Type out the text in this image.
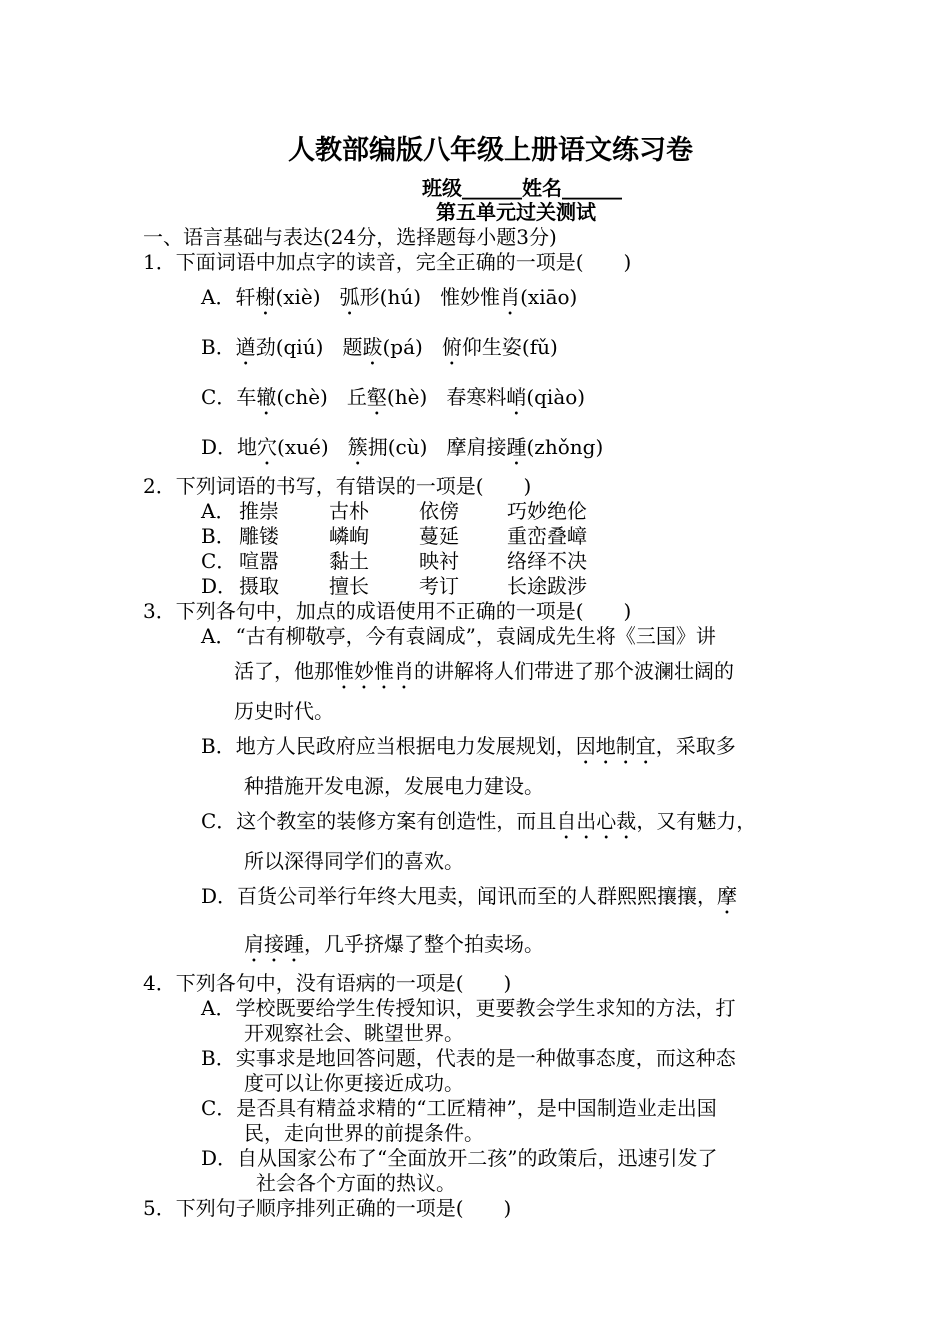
人教部编版八年级上册语文练习卷
班级______姓名______
第五单元过关测试
一、语言基础与表达(24分，选择题每小题3分)
1．下面词语中加点字的读音，完全正确的一项是(　　)
A．轩榭(xiè) 弧形(hú) 惟妙惟肖(xiāo)
B．遒劲(qiú) 题跋(pá) 俯仰生姿(fǔ)
C．车辙(chè) 丘壑(hè) 春寒料峭(qiào)
D．地穴(xué) 簇拥(cù) 摩肩接踵(zhǒng)
2．下列词语的书写，有错误的一项是(　　)
A． 推崇	古朴	依傍	巧妙绝伦
B． 雕镂	嶙峋	蔓延	重峦叠嶂
C． 喧嚣	黏土	映衬	络绎不决
D． 摄取	擅长	考订	长途跋涉
3．下列各句中，加点的成语使用不正确的一项是(　　)
A．“古有柳敬亭，今有袁阔成”，袁阔成先生将《三国》讲
活了，他那惟妙惟肖的讲解将人们带进了那个波澜壮阔的
历史时代。
B．地方人民政府应当根据电力发展规划，因地制宜，采取多
种措施开发电源，发展电力建设。
C．这个教室的装修方案有创造性，而且自出心裁，又有魅力，
所以深得同学们的喜欢。
D．百货公司举行年终大甩卖，闻讯而至的人群熙熙攘攘，摩
肩接踵，几乎挤爆了整个拍卖场。
4．下列各句中，没有语病的一项是(　　)
A．学校既要给学生传授知识，更要教会学生求知的方法，打
开观察社会、眺望世界。
B．实事求是地回答问题，代表的是一种做事态度，而这种态
度可以让你更接近成功。
C．是否具有精益求精的“工匠精神”，是中国制造业走出国
民，走向世界的前提条件。
D．自从国家公布了“全面放开二孩”的政策后，迅速引发了
社会各个方面的热议。
5．下列句子顺序排列正确的一项是(　　)
